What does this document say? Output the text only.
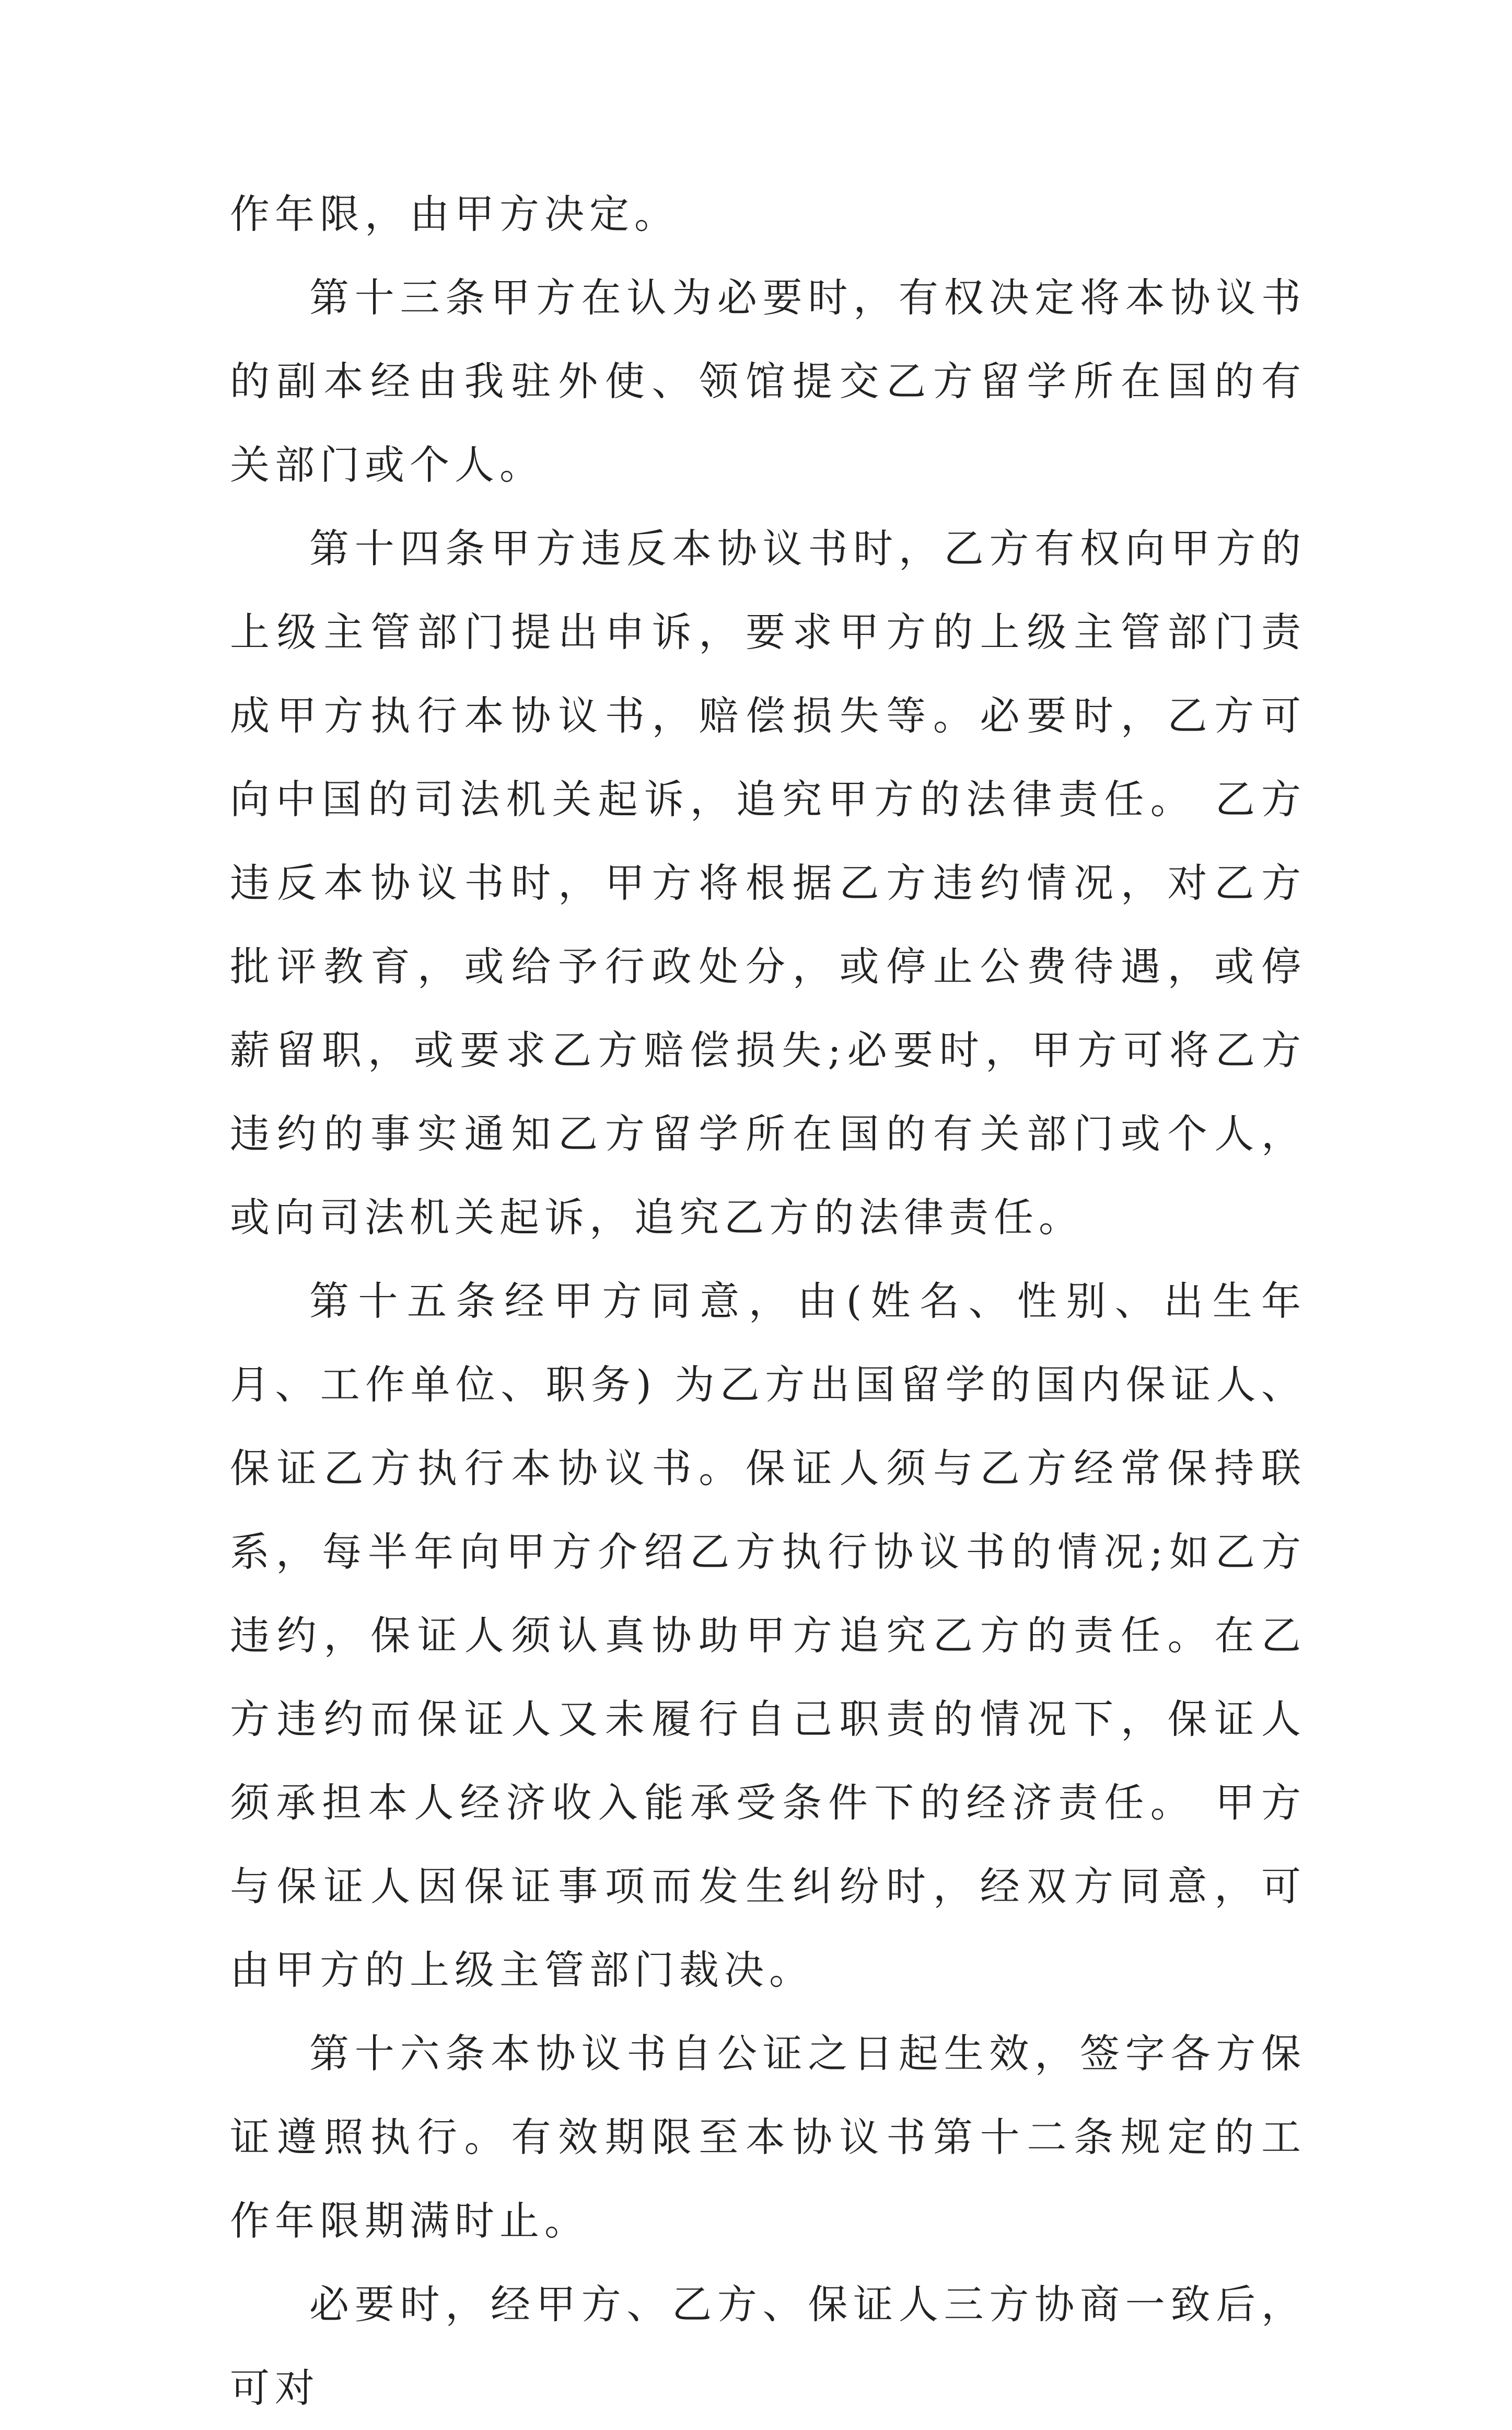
作年限，由甲方决定。

第十三条甲方在认为必要时，有权决定将本协议书的副本经由我驻外使、领馆提交乙方留学所在国的有关部门或个人。

第十四条甲方违反本协议书时，乙方有权向甲方的上级主管部门提出申诉，要求甲方的上级主管部门责成甲方执行本协议书，赔偿损失等。必要时，乙方可向中国的司法机关起诉，追究甲方的法律责任。 乙方违反本协议书时，甲方将根据乙方违约情况，对乙方批评教育，或给予行政处分，或停止公费待遇，或停薪留职，或要求乙方赔偿损失;必要时，甲方可将乙方违约的事实通知乙方留学所在国的有关部门或个人，或向司法机关起诉，追究乙方的法律责任。

第十五条经甲方同意，由(姓名、性别、出生年月、工作单位、职务) 为乙方出国留学的国内保证人、保证乙方执行本协议书。保证人须与乙方经常保持联系，每半年向甲方介绍乙方执行协议书的情况;如乙方违约，保证人须认真协助甲方追究乙方的责任。在乙方违约而保证人又未履行自己职责的情况下，保证人须承担本人经济收入能承受条件下的经济责任。 甲方与保证人因保证事项而发生纠纷时，经双方同意，可由甲方的上级主管部门裁决。

第十六条本协议书自公证之日起生效，签字各方保证遵照执行。有效期限至本协议书第十二条规定的工作年限期满时止。

必要时，经甲方、乙方、保证人三方协商一致后，可对
